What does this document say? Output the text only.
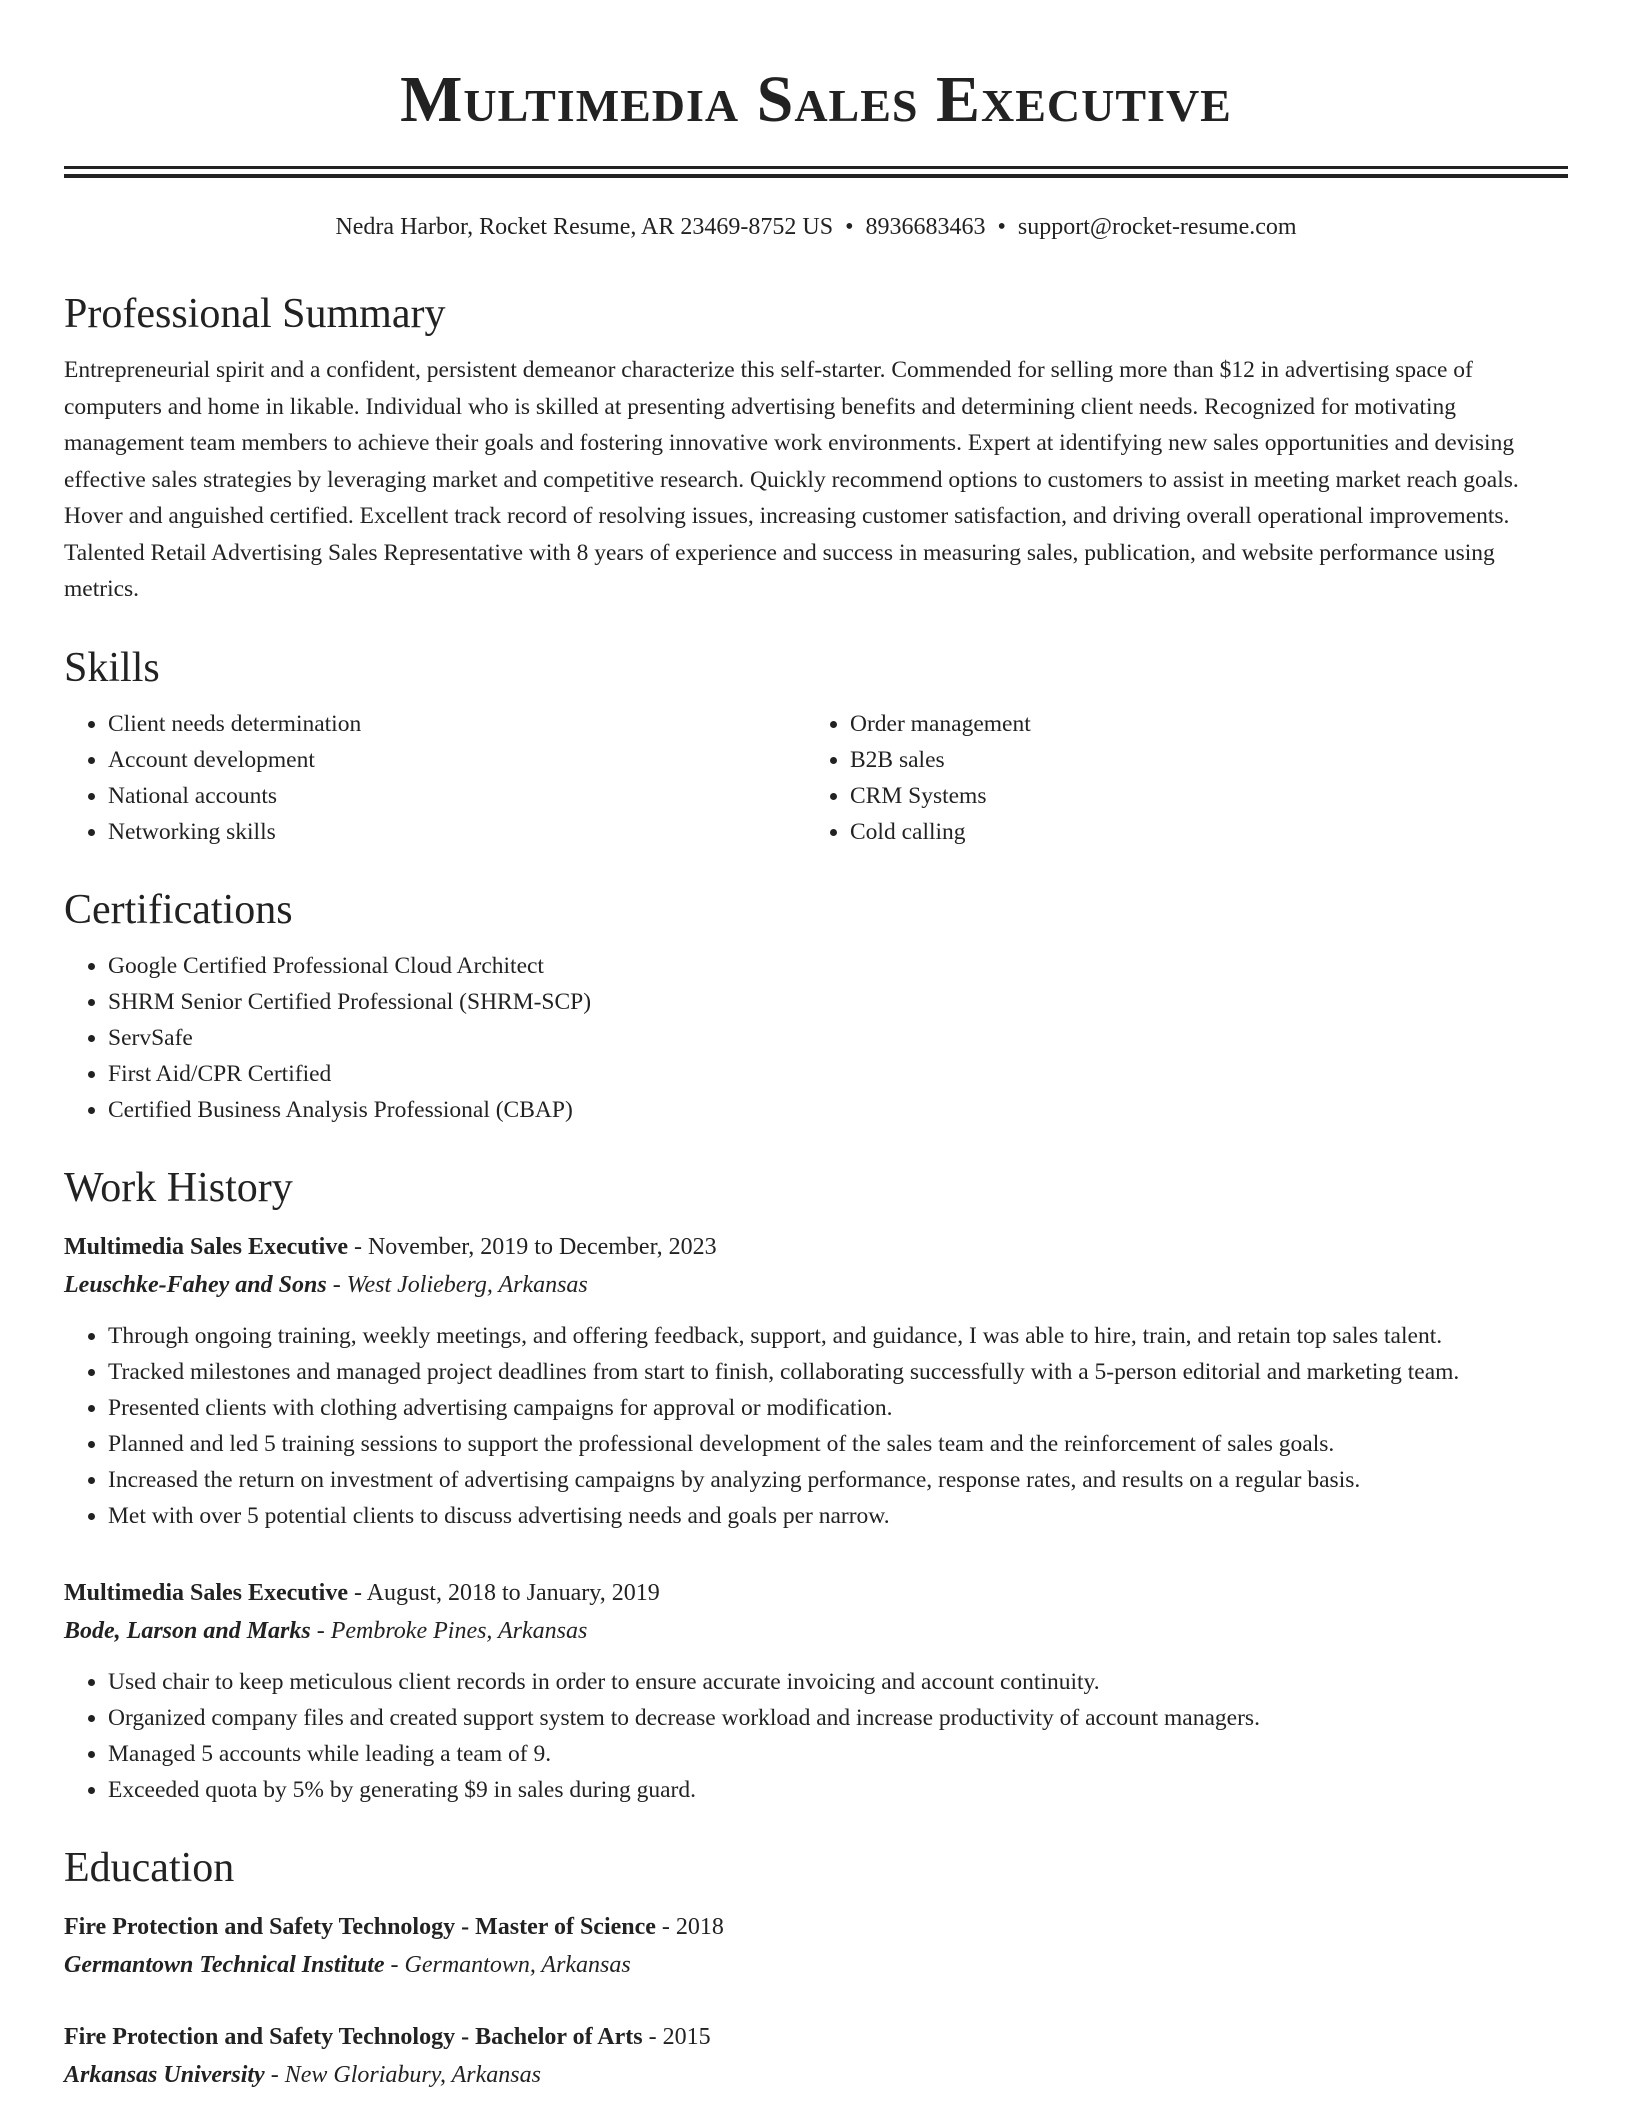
Multimedia Sales Executive
Nedra Harbor, Rocket Resume, AR 23469-8752 US • 8936683463 • support@rocket-resume.com
Professional Summary
Entrepreneurial spirit and a confident, persistent demeanor characterize this self-starter. Commended for selling more than $12 in advertising space of computers and home in likable. Individual who is skilled at presenting advertising benefits and determining client needs. Recognized for motivating management team members to achieve their goals and fostering innovative work environments. Expert at identifying new sales opportunities and devising effective sales strategies by leveraging market and competitive research. Quickly recommend options to customers to assist in meeting market reach goals. Hover and anguished certified. Excellent track record of resolving issues, increasing customer satisfaction, and driving overall operational improvements. Talented Retail Advertising Sales Representative with 8 years of experience and success in measuring sales, publication, and website performance using metrics.
Skills
• Client needs determination
• Account development
• National accounts
• Networking skills
• Order management
• B2B sales
• CRM Systems
• Cold calling
Certifications
• Google Certified Professional Cloud Architect
• SHRM Senior Certified Professional (SHRM-SCP)
• ServSafe
• First Aid/CPR Certified
• Certified Business Analysis Professional (CBAP)
Work History
Multimedia Sales Executive - November, 2019 to December, 2023
Leuschke-Fahey and Sons - West Jolieberg, Arkansas
• Through ongoing training, weekly meetings, and offering feedback, support, and guidance, I was able to hire, train, and retain top sales talent.
• Tracked milestones and managed project deadlines from start to finish, collaborating successfully with a 5-person editorial and marketing team.
• Presented clients with clothing advertising campaigns for approval or modification.
• Planned and led 5 training sessions to support the professional development of the sales team and the reinforcement of sales goals.
• Increased the return on investment of advertising campaigns by analyzing performance, response rates, and results on a regular basis.
• Met with over 5 potential clients to discuss advertising needs and goals per narrow.
Multimedia Sales Executive - August, 2018 to January, 2019
Bode, Larson and Marks - Pembroke Pines, Arkansas
• Used chair to keep meticulous client records in order to ensure accurate invoicing and account continuity.
• Organized company files and created support system to decrease workload and increase productivity of account managers.
• Managed 5 accounts while leading a team of 9.
• Exceeded quota by 5% by generating $9 in sales during guard.
Education
Fire Protection and Safety Technology - Master of Science - 2018
Germantown Technical Institute - Germantown, Arkansas
Fire Protection and Safety Technology - Bachelor of Arts - 2015
Arkansas University - New Gloriabury, Arkansas
